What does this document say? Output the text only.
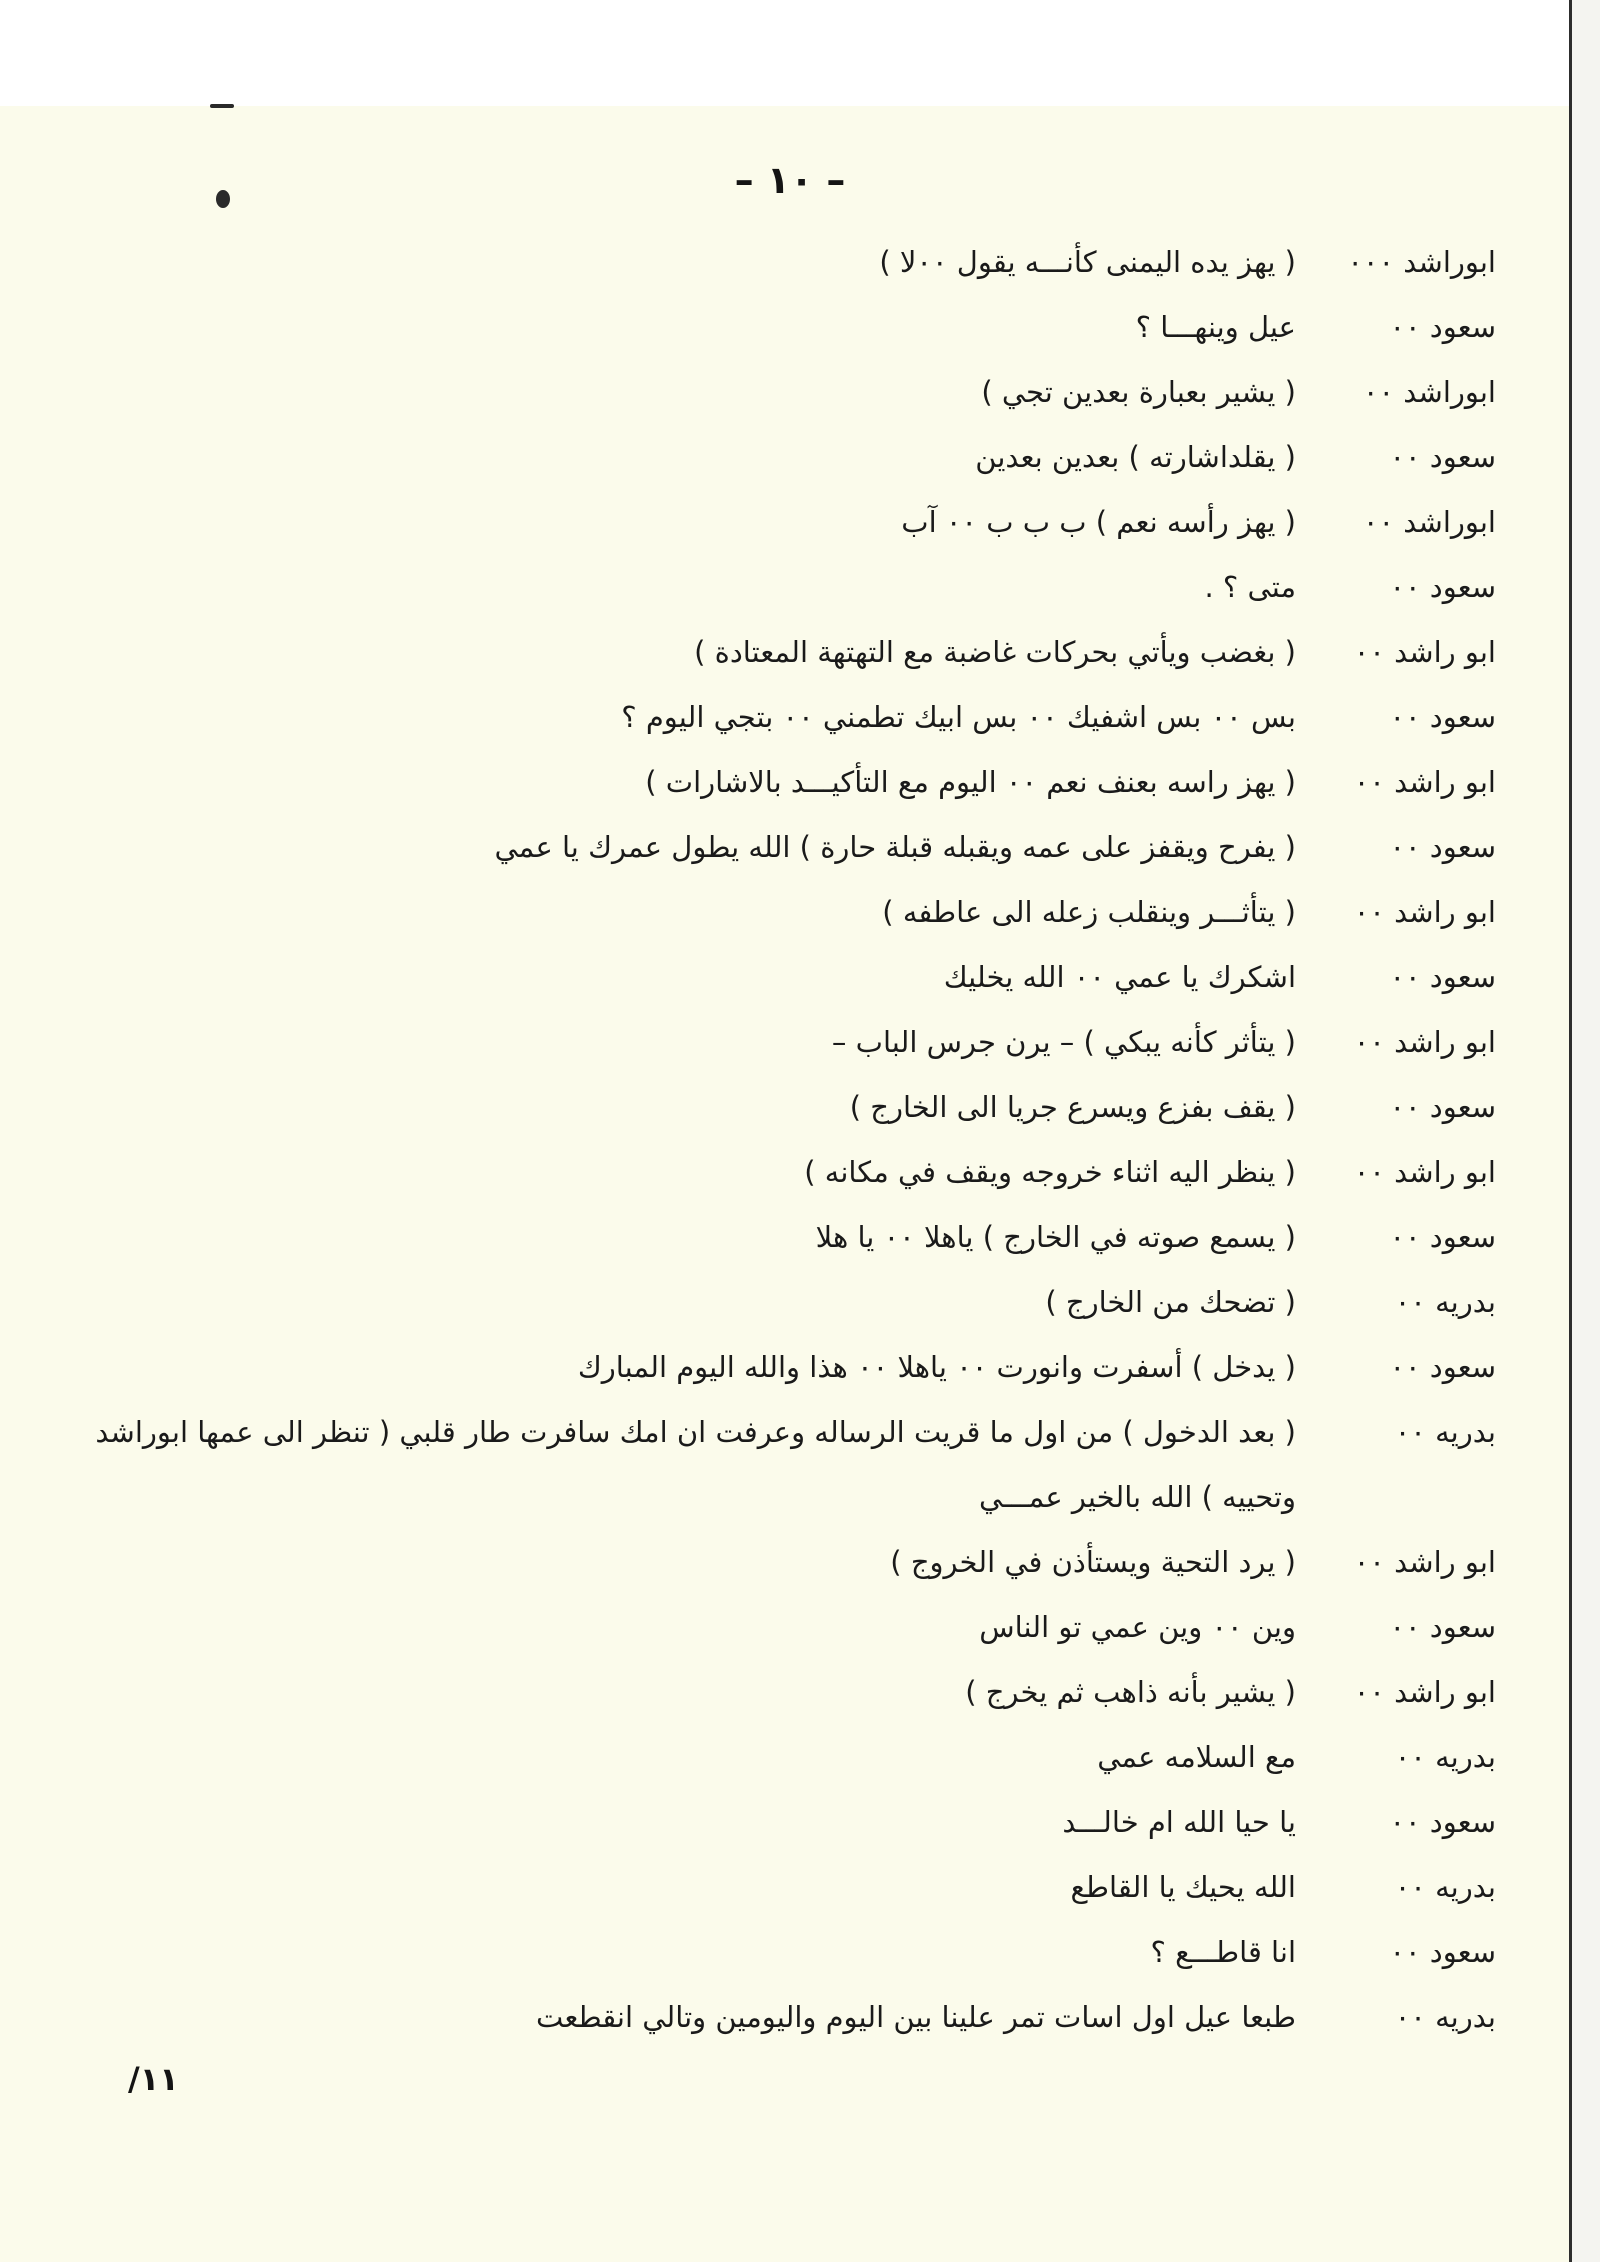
– ١٠ –
ابوراشد ٠٠٠
( يهز يده اليمنى كأنـــه يقول ٠٠لا )
سعود ٠٠
عيل وينهـــا ؟
ابوراشد ٠٠
( يشير بعبارة بعدين تجي )
سعود ٠٠
( يقلداشارته ) بعدين بعدين
ابوراشد ٠٠
( يهز رأسه نعم ) ب ب ب ٠٠ آب
سعود ٠٠
متى ؟ .
ابو راشد ٠٠
( بغضب ويأتي بحركات غاضبة مع التهتهة المعتادة )
سعود ٠٠
بس ٠٠ بس اشفيك ٠٠ بس ابيك تطمني ٠٠ بتجي اليوم ؟
ابو راشد ٠٠
( يهز راسه بعنف نعم ٠٠ اليوم مع التأكيـــد بالاشارات )
سعود ٠٠
( يفرح ويقفز على عمه ويقبله قبلة حارة ) الله يطول عمرك يا عمي
ابو راشد ٠٠
( يتأثـــر وينقلب زعله الى عاطفه )
سعود ٠٠
اشكرك يا عمي ٠٠ الله يخليك
ابو راشد ٠٠
( يتأثر كأنه يبكي ) – يرن جرس الباب –
سعود ٠٠
( يقف بفزع ويسرع جريا الى الخارج )
ابو راشد ٠٠
( ينظر اليه اثناء خروجه ويقف في مكانه )
سعود ٠٠
( يسمع صوته في الخارج ) ياهلا ٠٠ يا هلا
بدريه ٠٠
( تضحك من الخارج )
سعود ٠٠
( يدخل ) أسفرت وانورت ٠٠ ياهلا ٠٠ هذا والله اليوم المبارك
بدريه ٠٠
( بعد الدخول ) من اول ما قريت الرساله وعرفت ان امك سافرت طار قلبي ( تنظر الى عمها ابوراشد
وتحييه ) الله بالخير عمـــي
ابو راشد ٠٠
( يرد التحية ويستأذن في الخروج )
سعود ٠٠
وين ٠٠ وين عمي تو الناس
ابو راشد ٠٠
( يشير بأنه ذاهب ثم يخرج )
بدريه ٠٠
مع السلامه عمي
سعود ٠٠
يا حيا الله ام خالـــد
بدريه ٠٠
الله يحيك يا القاطع
سعود ٠٠
انا قاطـــع ؟
بدريه ٠٠
طبعا عيل اول اسات تمر علينا بين اليوم واليومين وتالي انقطعت
/١١
